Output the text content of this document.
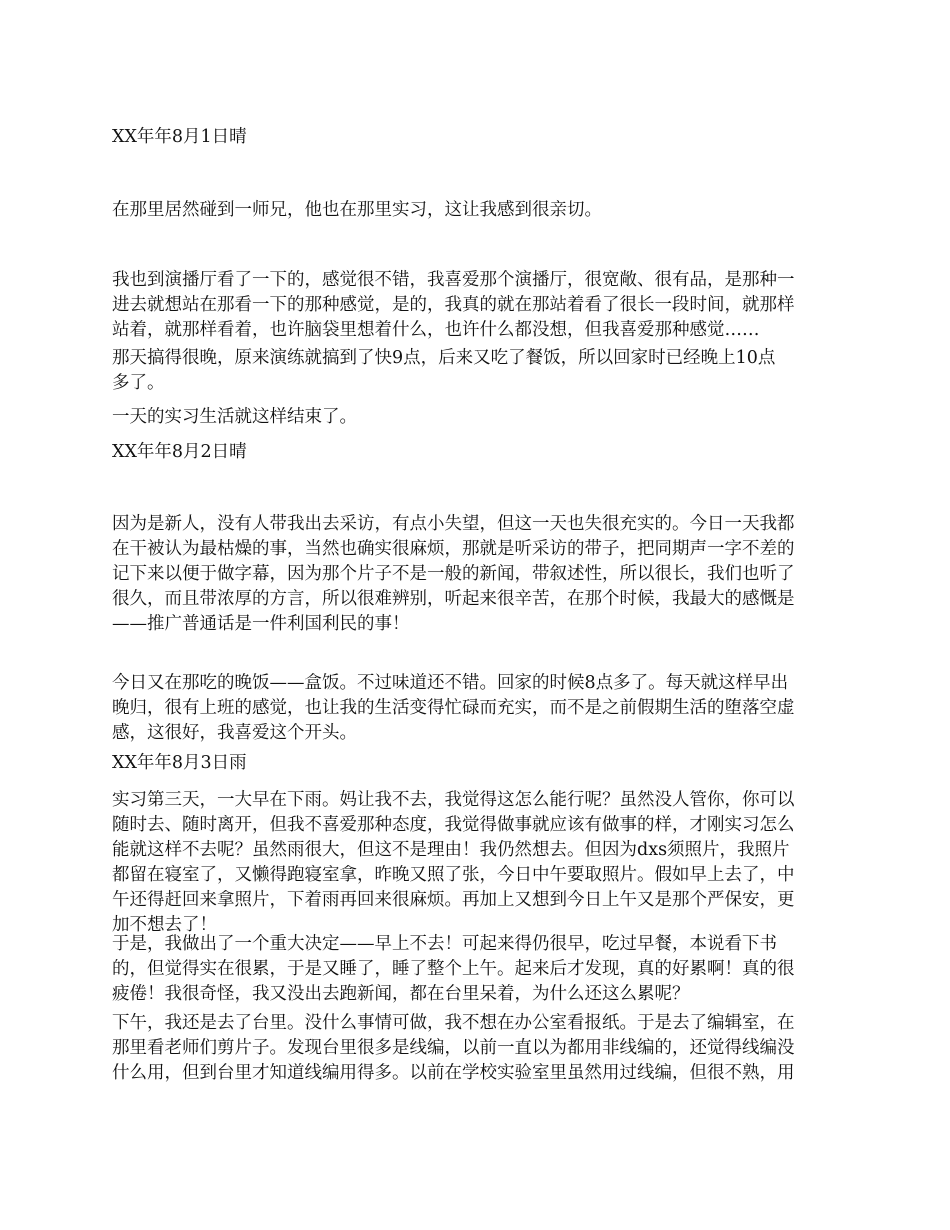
XX年年8月1日晴

在那里居然碰到一师兄，他也在那里实习，这让我感到很亲切。

我也到演播厅看了一下的，感觉很不错，我喜爱那个演播厅，很宽敞、很有品，是那种一
进去就想站在那看一下的那种感觉，是的，我真的就在那站着看了很长一段时间，就那样
站着，就那样看着，也许脑袋里想着什么，也许什么都没想，但我喜爱那种感觉……

那天搞得很晚，原来演练就搞到了快9点，后来又吃了餐饭，所以回家时已经晚上10点
多了。

一天的实习生活就这样结束了。

XX年年8月2日晴

因为是新人，没有人带我出去采访，有点小失望，但这一天也失很充实的。今日一天我都
在干被认为最枯燥的事，当然也确实很麻烦，那就是听采访的带子，把同期声一字不差的
记下来以便于做字幕，因为那个片子不是一般的新闻，带叙述性，所以很长，我们也听了
很久，而且带浓厚的方言，所以很难辨别，听起来很辛苦，在那个时候，我最大的感慨是
——推广普通话是一件利国利民的事！

今日又在那吃的晚饭——盒饭。不过味道还不错。回家的时候8点多了。每天就这样早出
晚归，很有上班的感觉，也让我的生活变得忙碌而充实，而不是之前假期生活的堕落空虚
感，这很好，我喜爱这个开头。

XX年年8月3日雨

实习第三天，一大早在下雨。妈让我不去，我觉得这怎么能行呢？虽然没人管你，你可以
随时去、随时离开，但我不喜爱那种态度，我觉得做事就应该有做事的样，才刚实习怎么
能就这样不去呢？虽然雨很大，但这不是理由！我仍然想去。但因为dxs须照片，我照片
都留在寝室了，又懒得跑寝室拿，昨晚又照了张，今日中午要取照片。假如早上去了，中
午还得赶回来拿照片，下着雨再回来很麻烦。再加上又想到今日上午又是那个严保安，更
加不想去了！

于是，我做出了一个重大决定——早上不去！可起来得仍很早，吃过早餐，本说看下书
的，但觉得实在很累，于是又睡了，睡了整个上午。起来后才发现，真的好累啊！真的很
疲倦！我很奇怪，我又没出去跑新闻，都在台里呆着，为什么还这么累呢？

下午，我还是去了台里。没什么事情可做，我不想在办公室看报纸。于是去了编辑室，在
那里看老师们剪片子。发现台里很多是线编，以前一直以为都用非线编的，还觉得线编没
什么用，但到台里才知道线编用得多。以前在学校实验室里虽然用过线编，但很不熟，用
